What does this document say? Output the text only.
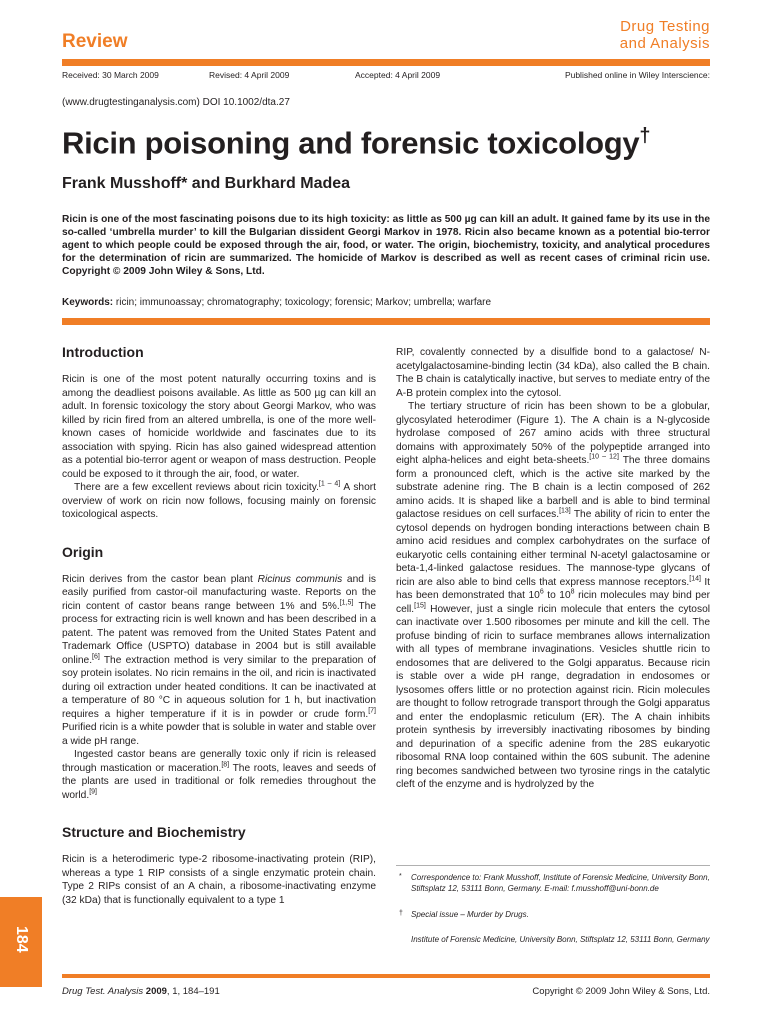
Review
Drug Testing
and Analysis
Received: 30 March 2009	Revised: 4 April 2009	Accepted: 4 April 2009	Published online in Wiley Interscience:
(www.drugtestinganalysis.com) DOI 10.1002/dta.27
Ricin poisoning and forensic toxicology†
Frank Musshoff* and Burkhard Madea

Ricin is one of the most fascinating poisons due to its high toxicity: as little as 500 µg can kill an adult. It gained fame by its use in the so-called ‘umbrella murder’ to kill the Bulgarian dissident Georgi Markov in 1978. Ricin also became known as a potential bio-terror agent to which people could be exposed through the air, food, or water. The origin, biochemistry, toxicity, and analytical procedures for the determination of ricin are summarized. The homicide of Markov is described as well as recent cases of criminal ricin use. Copyright © 2009 John Wiley & Sons, Ltd.

Keywords: ricin; immunoassay; chromatography; toxicology; forensic; Markov; umbrella; warfare
Introduction

Ricin is one of the most potent naturally occurring toxins and is among the deadliest poisons available. As little as 500 µg can kill an adult. In forensic toxicology the story about Georgi Markov, who was killed by ricin fired from an altered umbrella, is one of the more well-known cases of homicide worldwide and fascinates due to its association with spying. Ricin has also gained widespread attention as a potential bio-terror agent or weapon of mass destruction. People could be exposed to it through the air, food, or water.

There are a few excellent reviews about ricin toxicity.[1 – 4] A short overview of work on ricin now follows, focusing mainly on forensic toxicological aspects.

Origin

Ricin derives from the castor bean plant Ricinus communis and is easily purified from castor-oil manufacturing waste. Reports on the ricin content of castor beans range between 1% and 5%.[1,5] The process for extracting ricin is well known and has been described in a patent. The patent was removed from the United States Patent and Trademark Office (USPTO) database in 2004 but is still available online.[6] The extraction method is very similar to the preparation of soy protein isolates. No ricin remains in the oil, and ricin is inactivated during oil extraction under heated conditions. It can be inactivated at a temperature of 80 °C in aqueous solution for 1 h, but inactivation requires a higher temperature if it is in powder or crude form.[7] Purified ricin is a white powder that is soluble in water and stable over a wide pH range.

Ingested castor beans are generally toxic only if ricin is released through mastication or maceration.[8] The roots, leaves and seeds of the plants are used in traditional or folk remedies throughout the world.[9]

Structure and Biochemistry

Ricin is a heterodimeric type-2 ribosome-inactivating protein (RIP), whereas a type 1 RIP consists of a single enzymatic protein chain. Type 2 RIPs consist of an A chain, a ribosome-inactivating enzyme (32 kDa) that is functionally equivalent to a type 1

RIP, covalently connected by a disulfide bond to a galactose/ N-acetylgalactosamine-binding lectin (34 kDa), also called the B chain. The B chain is catalytically inactive, but serves to mediate entry of the A-B protein complex into the cytosol.

The tertiary structure of ricin has been shown to be a globular, glycosylated heterodimer (Figure 1). The A chain is a N-glycoside hydrolase composed of 267 amino acids with three structural domains with approximately 50% of the polypeptide arranged into eight alpha-helices and eight beta-sheets.[10 – 12] The three domains form a pronounced cleft, which is the active site marked by the substrate adenine ring. The B chain is a lectin composed of 262 amino acids. It is shaped like a barbell and is able to bind terminal galactose residues on cell surfaces.[13] The ability of ricin to enter the cytosol depends on hydrogen bonding interactions between chain B amino acid residues and complex carbohydrates on the surface of eukaryotic cells containing either terminal N-acetyl galactosamine or beta-1,4-linked galactose residues. The mannose-type glycans of ricin are also able to bind cells that express mannose receptors.[14] It has been demonstrated that $10^6$ to $10^8$ ricin molecules may bind per cell.[15] However, just a single ricin molecule that enters the cytosol can inactivate over 1.500 ribosomes per minute and kill the cell. The profuse binding of ricin to surface membranes allows internalization with all types of membrane invaginations. Vesicles shuttle ricin to endosomes that are delivered to the Golgi apparatus. Because ricin is stable over a wide pH range, degradation in endosomes or lysosomes offers little or no protection against ricin. Ricin molecules are thought to follow retrograde transport through the Golgi apparatus and enter the endoplasmic reticulum (ER). The A chain inhibits protein synthesis by irreversibly inactivating ribosomes by binding and depurination of a specific adenine from the 28S eukaryotic ribosomal RNA loop contained within the 60S subunit. The adenine ring becomes sandwiched between two tyrosine rings in the catalytic cleft of the enzyme and is hydrolyzed by the

* Correspondence to: Frank Musshoff, Institute of Forensic Medicine, University Bonn, Stiftsplatz 12, 53111 Bonn, Germany. E-mail: f.musshoff@uni-bonn.de
† Special issue – Murder by Drugs.
Institute of Forensic Medicine, University Bonn, Stiftsplatz 12, 53111 Bonn, Germany
184
Drug Test. Analysis 2009, 1, 184–191	Copyright © 2009 John Wiley & Sons, Ltd.
